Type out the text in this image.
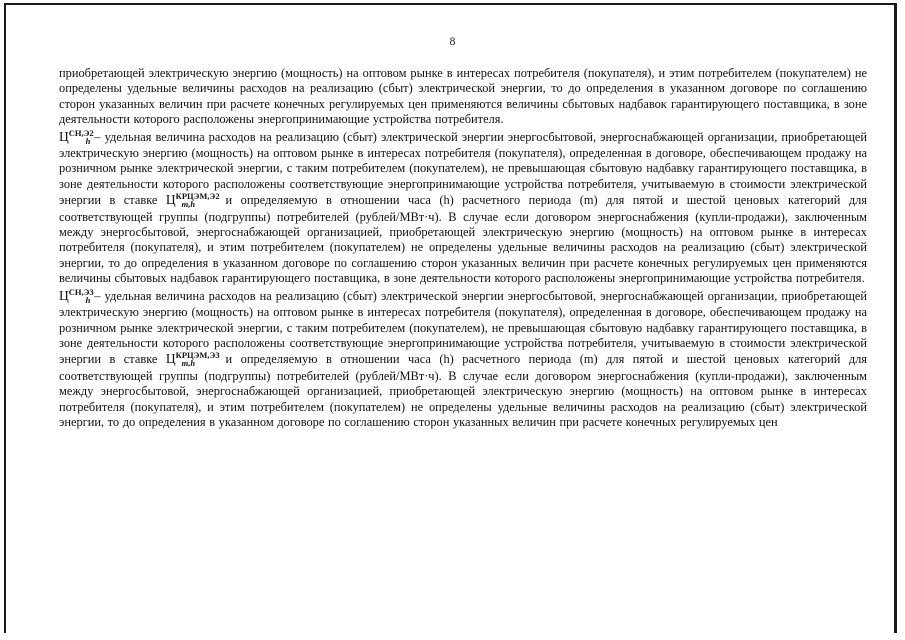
8

приобретающей электрическую энергию (мощность) на оптовом рынке в интересах потребителя (покупателя), и этим потребителем (покупателем) не определены удельные величины расходов на реализацию (сбыт) электрической энергии, то до определения в указанном договоре по соглашению сторон указанных величин при расчете конечных регулируемых цен применяются величины сбытовых надбавок гарантирующего поставщика, в зоне деятельности которого расположены энергопринимающие устройства потребителя.

$Ц^{СН,Э2}_h$ – удельная величина расходов на реализацию (сбыт) электрической энергии энергосбытовой, энергоснабжающей организации, приобретающей электрическую энергию (мощность) на оптовом рынке в интересах потребителя (покупателя), определенная в договоре, обеспечивающем продажу на розничном рынке электрической энергии, с таким потребителем (покупателем), не превышающая сбытовую надбавку гарантирующего поставщика, в зоне деятельности которого расположены соответствующие энергопринимающие устройства потребителя, учитываемую в стоимости электрической энергии в ставке $Ц^{КРЦЭМ,Э2}_{m,h}$ и определяемую в отношении часа (h) расчетного периода (m) для пятой и шестой ценовых категорий для соответствующей группы (подгруппы) потребителей (рублей/МВт·ч). В случае если договором энергоснабжения (купли-продажи), заключенным между энергосбытовой, энергоснабжающей организацией, приобретающей электрическую энергию (мощность) на оптовом рынке в интересах потребителя (покупателя), и этим потребителем (покупателем) не определены удельные величины расходов на реализацию (сбыт) электрической энергии, то до определения в указанном договоре по соглашению сторон указанных величин при расчете конечных регулируемых цен применяются величины сбытовых надбавок гарантирующего поставщика, в зоне деятельности которого расположены энергопринимающие устройства потребителя.

$Ц^{СН,Э3}_h$ – удельная величина расходов на реализацию (сбыт) электрической энергии энергосбытовой, энергоснабжающей организации, приобретающей электрическую энергию (мощность) на оптовом рынке в интересах потребителя (покупателя), определенная в договоре, обеспечивающем продажу на розничном рынке электрической энергии, с таким потребителем (покупателем), не превышающая сбытовую надбавку гарантирующего поставщика, в зоне деятельности которого расположены соответствующие энергопринимающие устройства потребителя, учитываемую в стоимости электрической энергии в ставке $Ц^{КРЦЭМ,Э3}_{m,h}$ и определяемую в отношении часа (h) расчетного периода (m) для пятой и шестой ценовых категорий для соответствующей группы (подгруппы) потребителей (рублей/МВт·ч). В случае если договором энергоснабжения (купли-продажи), заключенным между энергосбытовой, энергоснабжающей организацией, приобретающей электрическую энергию (мощность) на оптовом рынке в интересах потребителя (покупателя), и этим потребителем (покупателем) не определены удельные величины расходов на реализацию (сбыт) электрической энергии, то до определения в указанном договоре по соглашению сторон указанных величин при расчете конечных регулируемых цен
